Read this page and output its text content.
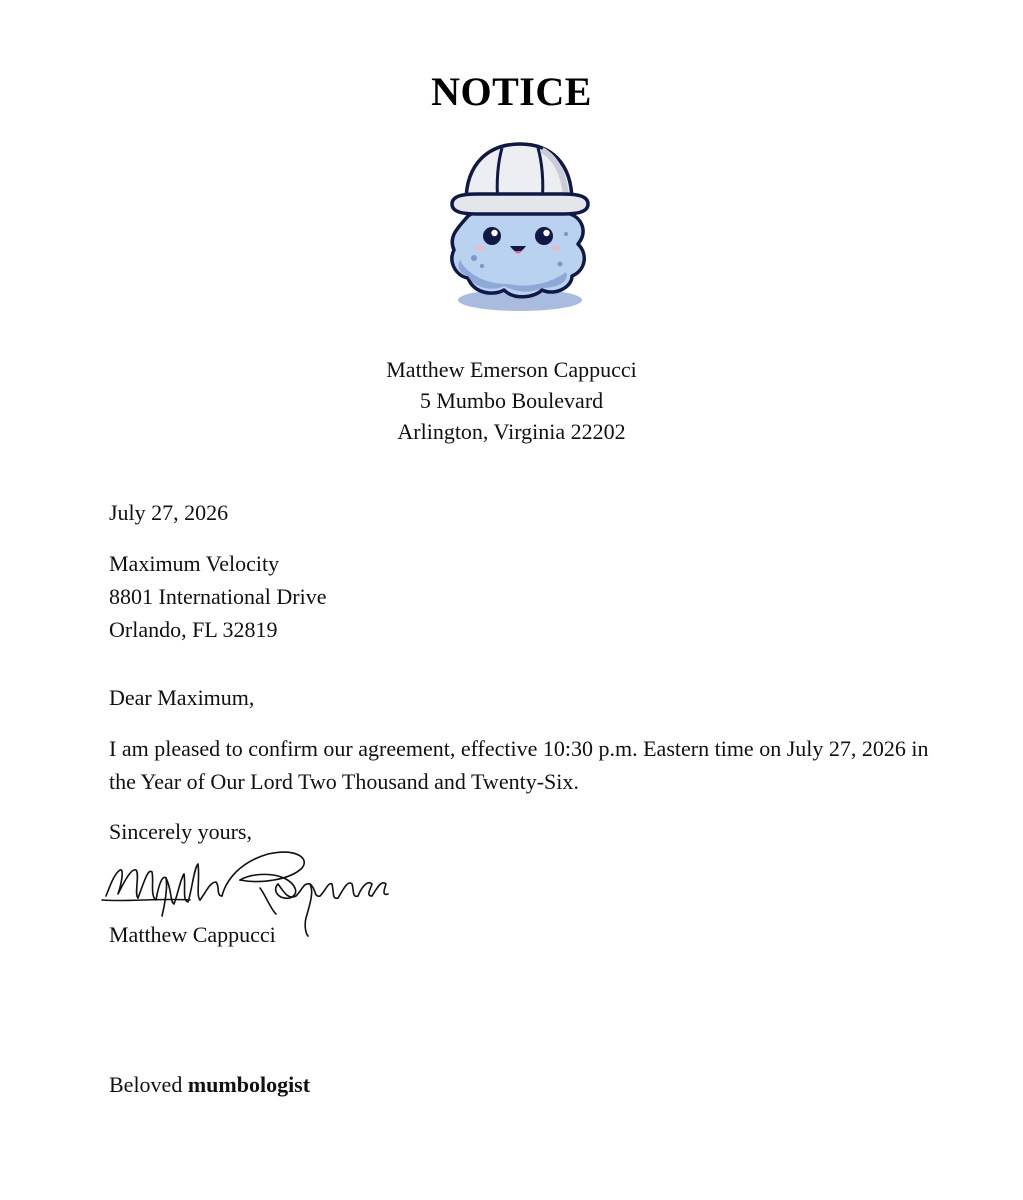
NOTICE
Matthew Emerson Cappucci
5 Mumbo Boulevard
Arlington, Virginia 22202
July 27, 2026
Maximum Velocity
8801 International Drive
Orlando, FL 32819
Dear Maximum,
I am pleased to confirm our agreement, effective 10:30 p.m. Eastern time on July 27, 2026 in the Year of Our Lord Two Thousand and Twenty-Six.
Sincerely yours,
Matthew Cappucci
Beloved mumbologist
